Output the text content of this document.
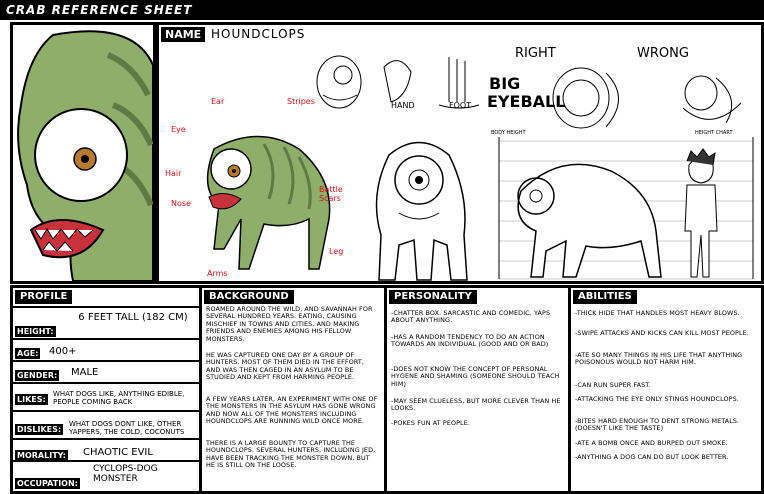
CRAB REFERENCE SHEET
NAME HOUNDCLOPS
HAND	FOOT
RIGHT	WRONG
BIG
EYEBALL
Ear
Eye
Stripes
Hair
Nose
Battle Scars
Leg
Arms
BODY HEIGHT	HEIGHT CHART
PROFILE
HEIGHT:
6 FEET TALL (182 CM)
AGE: 400+
GENDER: MALE
LIKES:
WHAT DOGS LIKE, ANYTHING EDIBLE, PEOPLE COMING BACK
DISLIKES:
WHAT DOGS DONT LIKE, OTHER YAPPERS, THE COLD, COCONUTS
MORALITY: CHAOTIC EVIL
OCCUPATION:
CYCLOPS-DOG MONSTER
BACKGROUND
ROAMED AROUND THE WILD, AND SAVANNAH FOR SEVERAL HUNDRED YEARS. EATING, CAUSING MISCHIEF IN TOWNS AND CITIES, AND MAKING FRIENDS AND ENEMIES AMONG HIS FELLOW MONSTERS.
HE WAS CAPTURED ONE DAY BY A GROUP OF HUNTERS. MOST OF THEM DIED IN THE EFFORT, AND WAS THEN CAGED IN AN ASYLUM TO BE STUDIED AND KEPT FROM HARMING PEOPLE.
A FEW YEARS LATER, AN EXPERIMENT WITH ONE OF THE MONSTERS IN THE ASYLUM HAS GONE WRONG AND NOW ALL OF THE MONSTERS INCLUDING HOUNDCLOPS ARE RUNNING WILD ONCE MORE.
THERE IS A LARGE BOUNTY TO CAPTURE THE HOUNDCLOPS. SEVERAL HUNTERS, INCLUDING JED, HAVE BEEN TRACKING THE MONSTER DOWN, BUT HE IS STILL ON THE LOOSE.
PERSONALITY
-CHATTER BOX. SARCASTIC AND COMEDIC. YAPS ABOUT ANYTHING.
-HAS A RANDOM TENDENCY TO DO AN ACTION TOWARDS AN INDIVIDUAL (GOOD AND OR BAD)
-DOES NOT KNOW THE CONCEPT OF PERSONAL HYGENE AND SHAMING (SOMEONE SHOULD TEACH HIM)
-MAY SEEM CLUELESS, BUT MORE CLEVER THAN HE LOOKS.
-POKES FUN AT PEOPLE.
ABILITIES
-THICK HIDE THAT HANDLES MOST HEAVY BLOWS.
-SWIPE ATTACKS AND KICKS CAN KILL MOST PEOPLE.
-ATE SO MANY THINGS IN HIS LIFE THAT ANYTHING POISONOUS WOULD NOT HARM HIM.
-CAN RUN SUPER FAST.
-ATTACKING THE EYE ONLY STINGS HOUNDCLOPS.
-BITES HARD ENOUGH TO DENT STRONG METALS. (DOESN'T LIKE THE TASTE)
-ATE A BOMB ONCE AND BURPED OUT SMOKE.
-ANYTHING A DOG CAN DO BUT LOOK BETTER.
